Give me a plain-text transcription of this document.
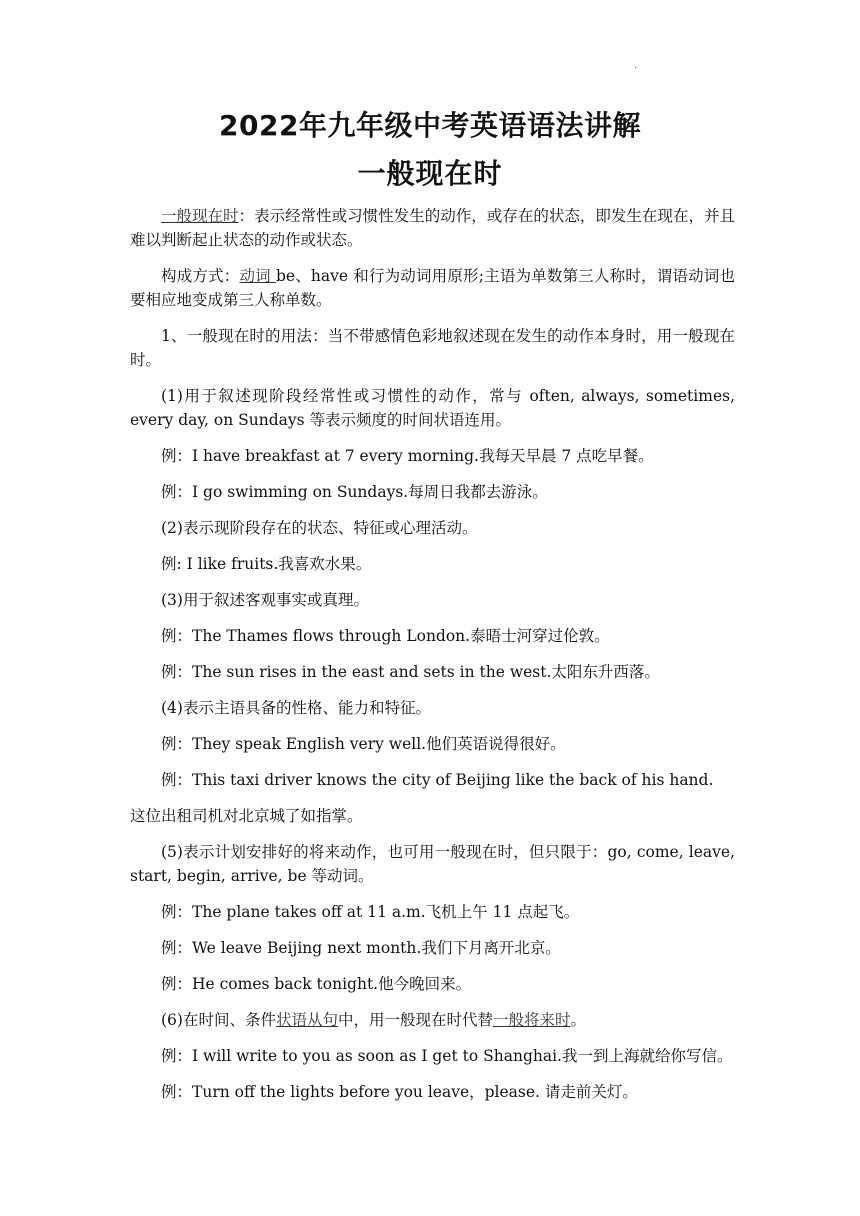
.
2022年九年级中考英语语法讲解
一般现在时

一般现在时：表示经常性或习惯性发生的动作，或存在的状态，即发生在现在，并且难以判断起止状态的动作或状态。

构成方式：动词 be、have 和行为动词用原形;主语为单数第三人称时，谓语动词也要相应地变成第三人称单数。

1、一般现在时的用法：当不带感情色彩地叙述现在发生的动作本身时，用一般现在时。

(1)用于叙述现阶段经常性或习惯性的动作，常与 often, always, sometimes, every day, on Sundays 等表示频度的时间状语连用。

例：I have breakfast at 7 every morning.我每天早晨 7 点吃早餐。

例：I go swimming on Sundays.每周日我都去游泳。

(2)表示现阶段存在的状态、特征或心理活动。

例: I like fruits.我喜欢水果。

(3)用于叙述客观事实或真理。

例：The Thames flows through London.泰晤士河穿过伦敦。

例：The sun rises in the east and sets in the west.太阳东升西落。

(4)表示主语具备的性格、能力和特征。

例：They speak English very well.他们英语说得很好。

例：This taxi driver knows the city of Beijing like the back of his hand.

这位出租司机对北京城了如指掌。

(5)表示计划安排好的将来动作，也可用一般现在时，但只限于：go, come, leave, start, begin, arrive, be 等动词。

例：The plane takes off at 11 a.m.飞机上午 11 点起飞。

例：We leave Beijing next month.我们下月离开北京。

例：He comes back tonight.他今晚回来。

(6)在时间、条件状语从句中，用一般现在时代替一般将来时。

例：I will write to you as soon as I get to Shanghai.我一到上海就给你写信。

例：Turn off the lights before you leave，please. 请走前关灯。
